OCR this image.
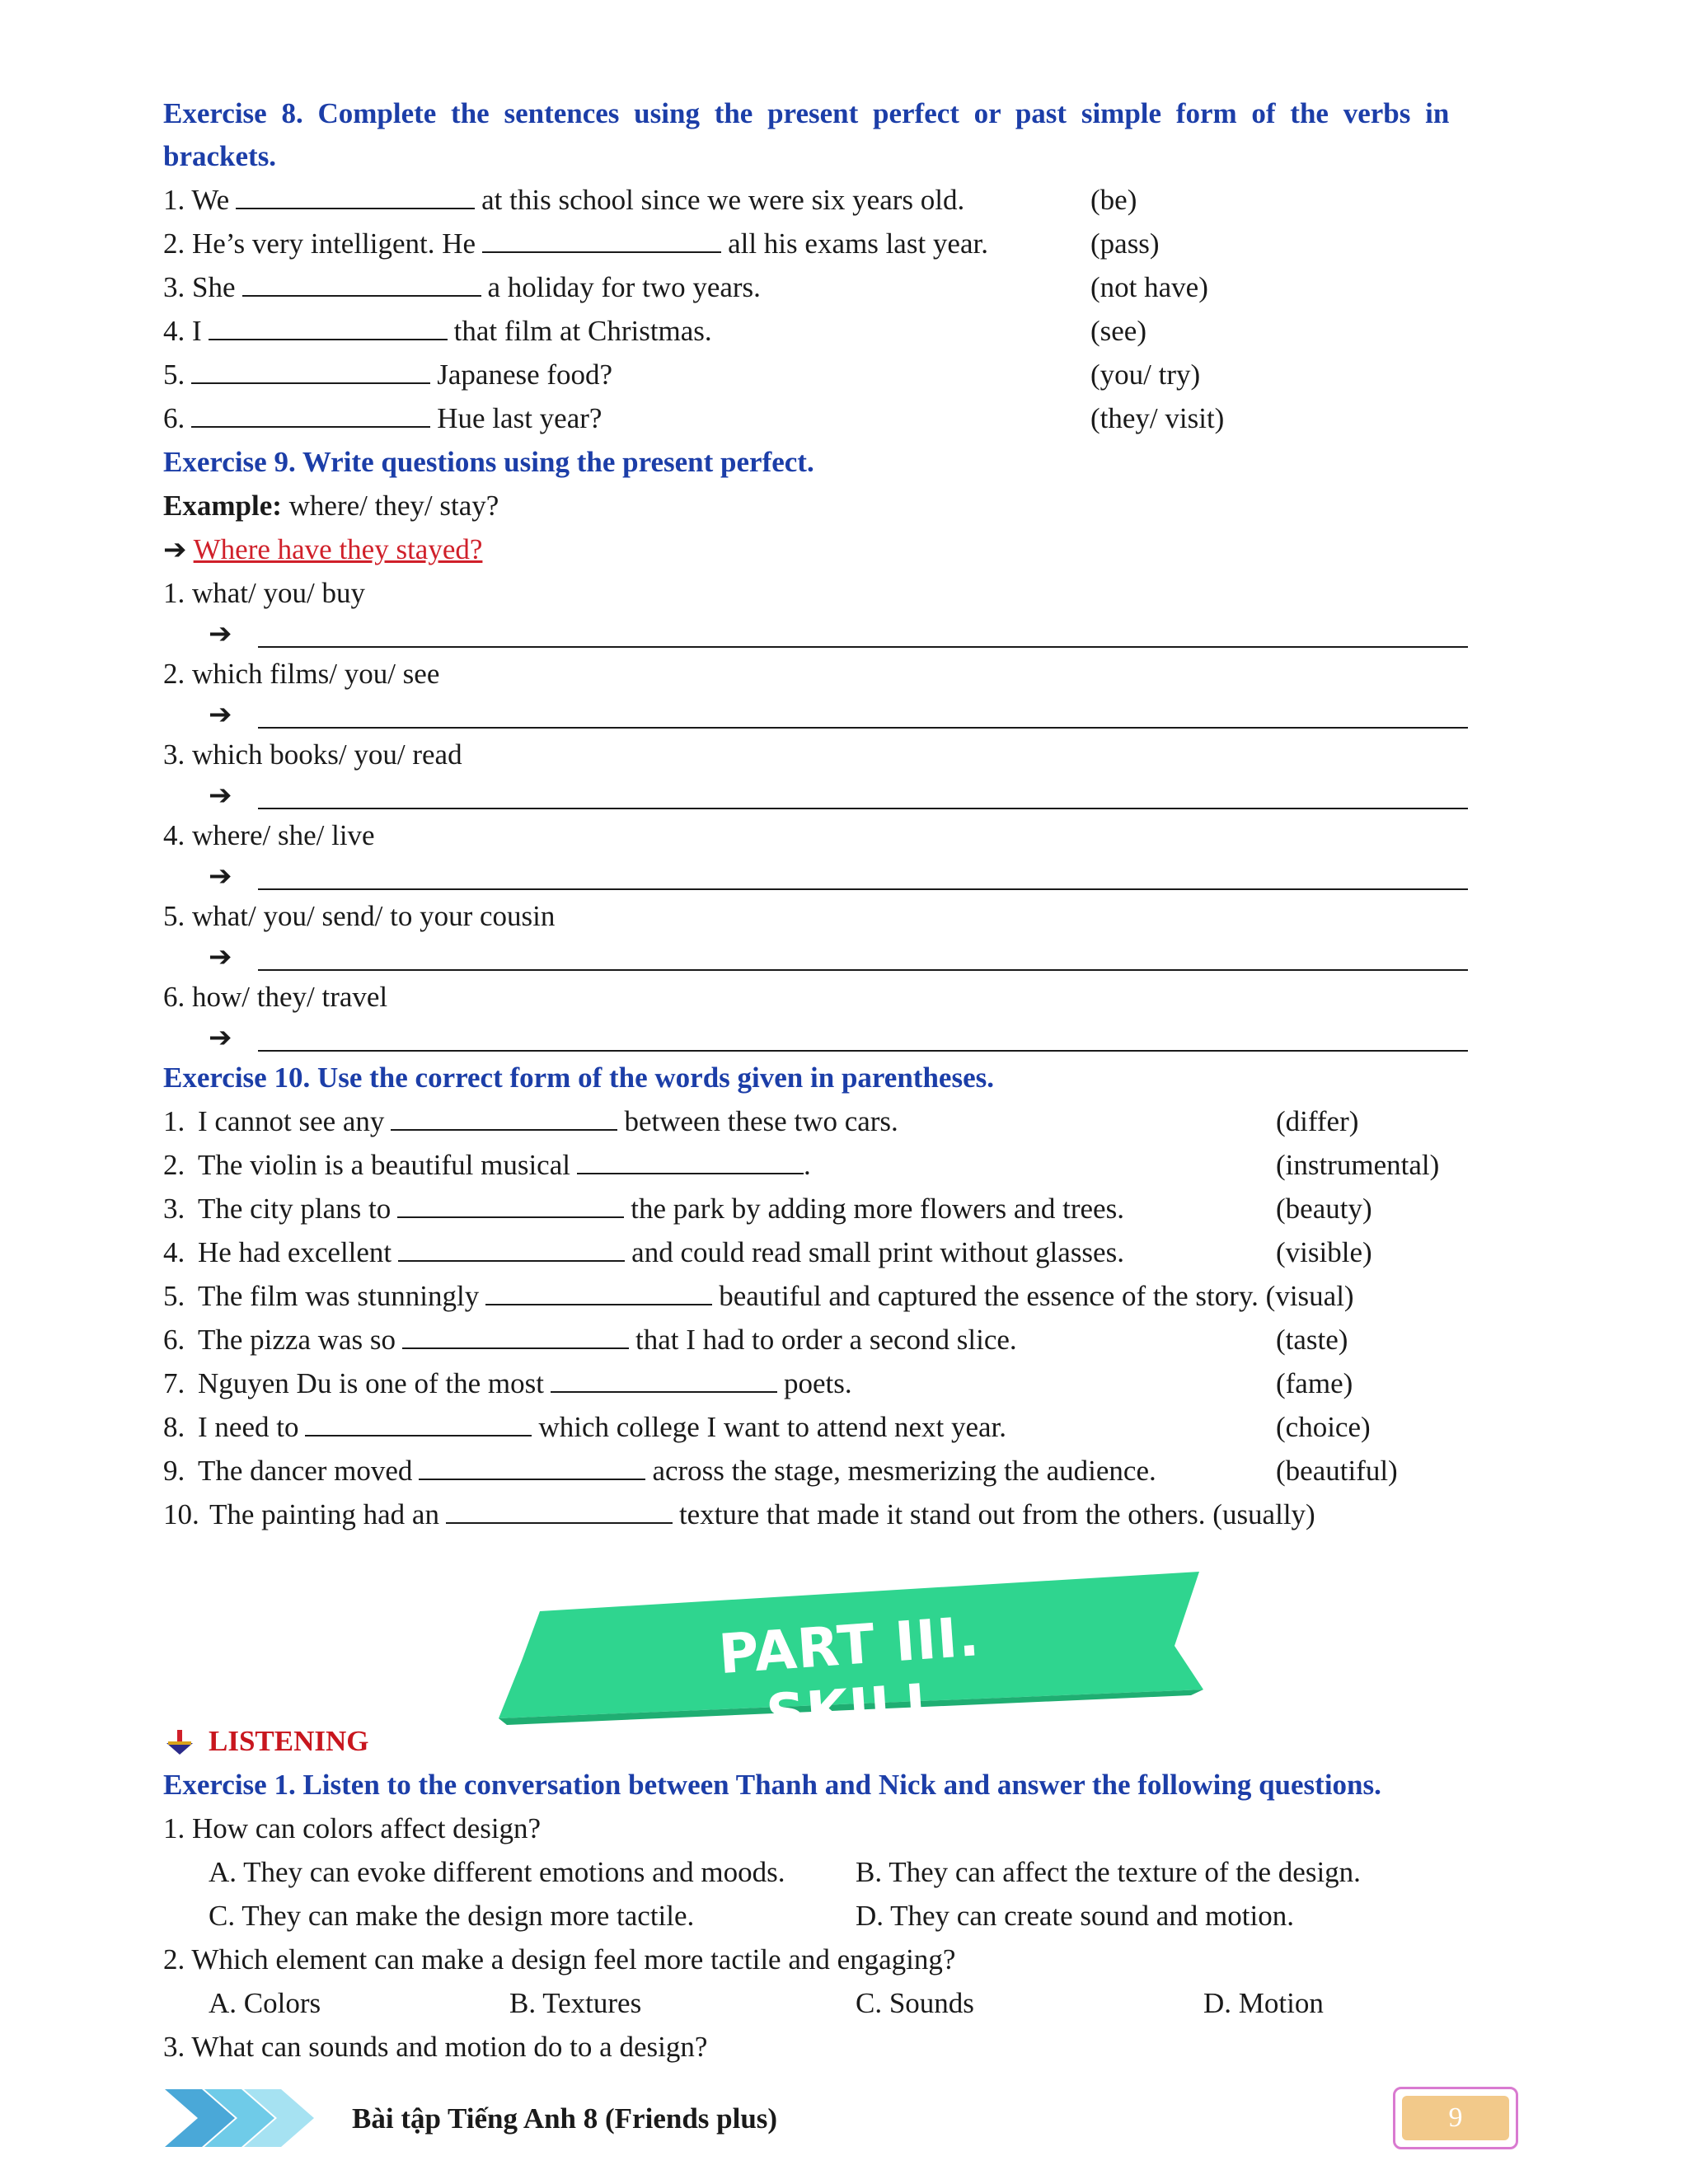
Exercise 8. Complete the sentences using the present perfect or past simple form of the verbs in
brackets.
1. We	at this school since we were six years old.	(be)
2. He’s very intelligent. He	all his exams last year.	(pass)
3. She	a holiday for two years.	(not have)
4. I	that film at Christmas.	(see)
5.	Japanese food?	(you/ try)
6.	Hue last year?	(they/ visit)
Exercise 9. Write questions using the present perfect.
Example: where/ they/ stay?
➔ Where have they stayed?
1. what/ you/ buy
➔
2. which films/ you/ see
➔
3. which books/ you/ read
➔
4. where/ she/ live
➔
5. what/ you/ send/ to your cousin
➔
6. how/ they/ travel
➔
Exercise 10. Use the correct form of the words given in parentheses.
1. I cannot see any	between these two cars.	(differ)
2. The violin is a beautiful musical	.	(instrumental)
3. The city plans to	the park by adding more flowers and trees.	(beauty)
4. He had excellent	and could read small print without glasses.	(visible)
5. The film was stunningly	beautiful and captured the essence of the story. (visual)
6. The pizza was so	that I had to order a second slice.	(taste)
7. Nguyen Du is one of the most	poets.	(fame)
8. I need to	which college I want to attend next year.	(choice)
9. The dancer moved	across the stage, mesmerizing the audience.	(beautiful)
10. The painting had an	texture that made it stand out from the others. (usually)
PART III. SKILL
LISTENING
Exercise 1. Listen to the conversation between Thanh and Nick and answer the following questions.
1. How can colors affect design?
A. They can evoke different emotions and moods. B. They can affect the texture of the design.
C. They can make the design more tactile.	D. They can create sound and motion.
2. Which element can make a design feel more tactile and engaging?
A. Colors	B. Textures	C. Sounds	D. Motion
3. What can sounds and motion do to a design?
Bài tập Tiếng Anh 8 (Friends plus)	9
